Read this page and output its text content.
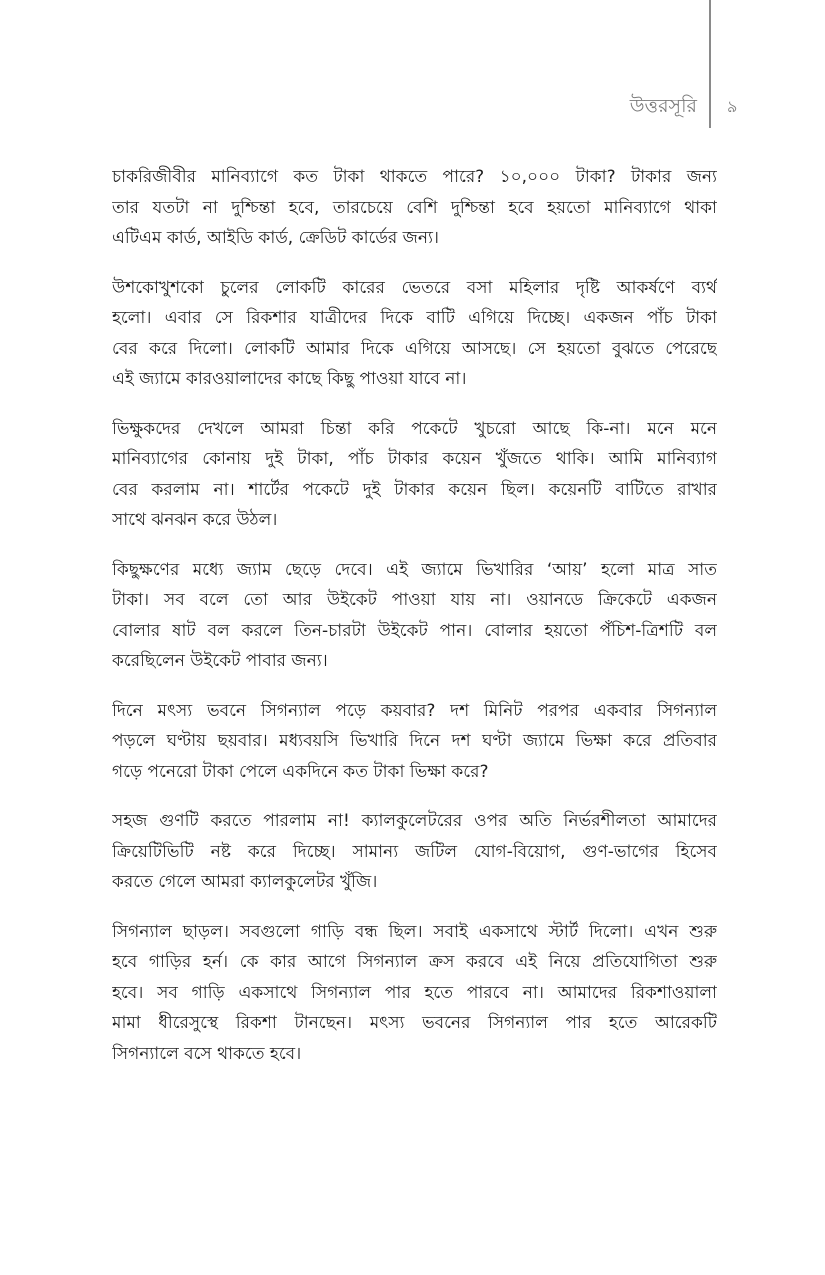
উত্তরসূরি ৯

চাকরিজীবীর মানিব্যাগে কত টাকা থাকতে পারে? ১০,০০০ টাকা? টাকার জন্য
তার যতটা না দুশ্চিন্তা হবে, তারচেয়ে বেশি দুশ্চিন্তা হবে হয়তো মানিব্যাগে থাকা
এটিএম কার্ড, আইডি কার্ড, ক্রেডিট কার্ডের জন্য।

উশকোখুশকো চুলের লোকটি কারের ভেতরে বসা মহিলার দৃষ্টি আকর্ষণে ব্যর্থ
হলো। এবার সে রিকশার যাত্রীদের দিকে বাটি এগিয়ে দিচ্ছে। একজন পাঁচ টাকা
বের করে দিলো। লোকটি আমার দিকে এগিয়ে আসছে। সে হয়তো বুঝতে পেরেছে
এই জ্যামে কারওয়ালাদের কাছে কিছু পাওয়া যাবে না।

ভিক্ষুকদের দেখলে আমরা চিন্তা করি পকেটে খুচরো আছে কি-না। মনে মনে
মানিব্যাগের কোনায় দুই টাকা, পাঁচ টাকার কয়েন খুঁজতে থাকি। আমি মানিব্যাগ
বের করলাম না। শার্টের পকেটে দুই টাকার কয়েন ছিল। কয়েনটি বাটিতে রাখার
সাথে ঝনঝন করে উঠল।

কিছুক্ষণের মধ্যে জ্যাম ছেড়ে দেবে। এই জ্যামে ভিখারির ‘আয়’ হলো মাত্র সাত
টাকা। সব বলে তো আর উইকেট পাওয়া যায় না। ওয়ানডে ক্রিকেটে একজন
বোলার ষাট বল করলে তিন-চারটা উইকেট পান। বোলার হয়তো পঁচিশ-ত্রিশটি বল
করেছিলেন উইকেট পাবার জন্য।

দিনে মৎস্য ভবনে সিগন্যাল পড়ে কয়বার? দশ মিনিট পরপর একবার সিগন্যাল
পড়লে ঘণ্টায় ছয়বার। মধ্যবয়সি ভিখারি দিনে দশ ঘণ্টা জ্যামে ভিক্ষা করে প্রতিবার
গড়ে পনেরো টাকা পেলে একদিনে কত টাকা ভিক্ষা করে?

সহজ গুণটি করতে পারলাম না! ক্যালকুলেটরের ওপর অতি নির্ভরশীলতা আমাদের
ক্রিয়েটিভিটি নষ্ট করে দিচ্ছে। সামান্য জটিল যোগ-বিয়োগ, গুণ-ভাগের হিসেব
করতে গেলে আমরা ক্যালকুলেটর খুঁজি।

সিগন্যাল ছাড়ল। সবগুলো গাড়ি বন্ধ ছিল। সবাই একসাথে স্টার্ট দিলো। এখন শুরু
হবে গাড়ির হর্ন। কে কার আগে সিগন্যাল ক্রস করবে এই নিয়ে প্রতিযোগিতা শুরু
হবে। সব গাড়ি একসাথে সিগন্যাল পার হতে পারবে না। আমাদের রিকশাওয়ালা
মামা ধীরেসুস্থে রিকশা টানছেন। মৎস্য ভবনের সিগন্যাল পার হতে আরেকটি
সিগন্যালে বসে থাকতে হবে।
